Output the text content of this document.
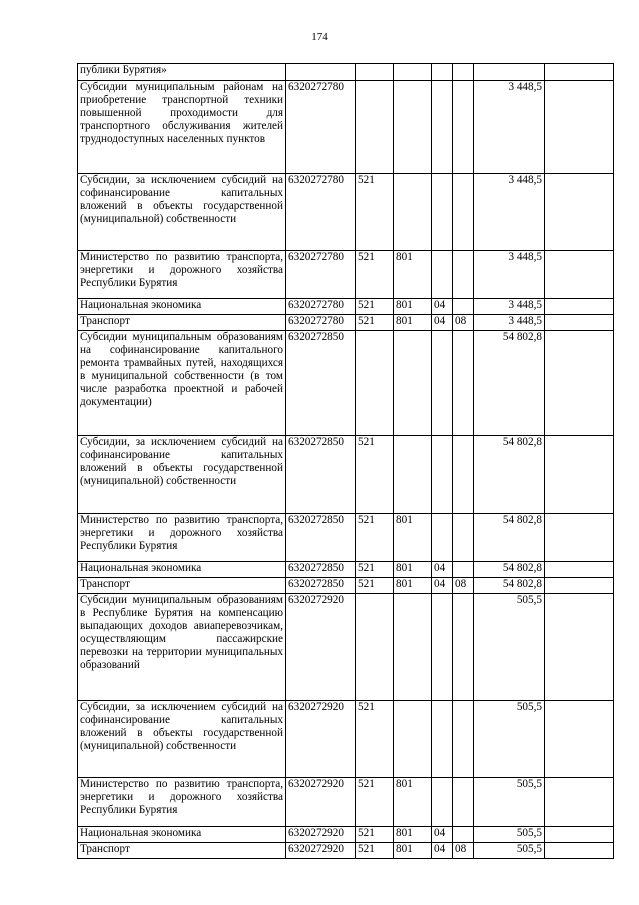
174
публики Бурятия»							
Субсидии муниципальным районам на приобретение транспортной техники повышенной проходимости для транспортного обслуживания жителей труднодоступных населенных пунктов	6320272780					3 448,5	
Субсидии, за исключением субсидий на софинансирование капитальных вложений в объекты государственной (муниципальной) собственности	6320272780	521				3 448,5	
Министерство по развитию транспорта, энергетики и дорожного хозяйства Республики Бурятия	6320272780	521	801			3 448,5	
Национальная экономика	6320272780	521	801	04		3 448,5	
Транспорт	6320272780	521	801	04	08	3 448,5	
Субсидии муниципальным образованиям на софинансирование капитального ремонта трамвайных путей, находящихся в муниципальной собственности (в том числе разработка проектной и рабочей документации)	6320272850					54 802,8	
Субсидии, за исключением субсидий на софинансирование капитальных вложений в объекты государственной (муниципальной) собственности	6320272850	521				54 802,8	
Министерство по развитию транспорта, энергетики и дорожного хозяйства Республики Бурятия	6320272850	521	801			54 802,8	
Национальная экономика	6320272850	521	801	04		54 802,8	
Транспорт	6320272850	521	801	04	08	54 802,8	
Субсидии муниципальным образованиям в Республике Бурятия на компенсацию выпадающих доходов авиаперевозчикам, осуществляющим пассажирские перевозки на территории муниципальных образований	6320272920					505,5	
Субсидии, за исключением субсидий на софинансирование капитальных вложений в объекты государственной (муниципальной) собственности	6320272920	521				505,5	
Министерство по развитию транспорта, энергетики и дорожного хозяйства Республики Бурятия	6320272920	521	801			505,5	
Национальная экономика	6320272920	521	801	04		505,5	
Транспорт	6320272920	521	801	04	08	505,5	
